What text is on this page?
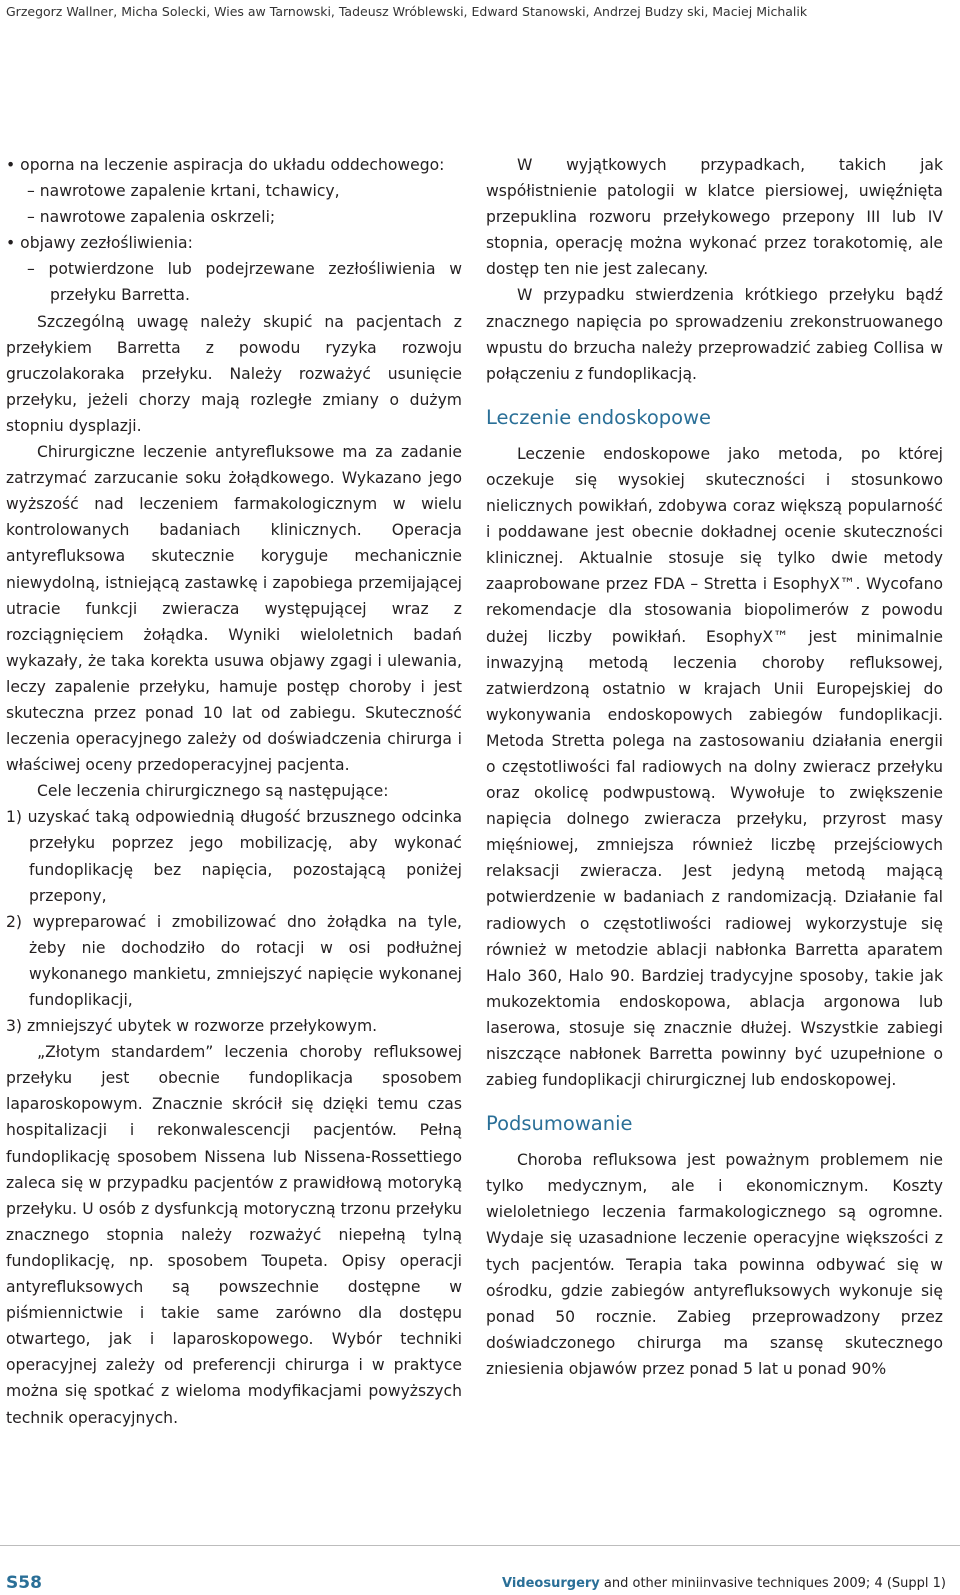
Grzegorz Wallner, Micha Solecki, Wies aw Tarnowski, Tadeusz Wróblewski, Edward Stanowski, Andrzej Budzy ski, Maciej Michalik

• oporna na leczenie aspiracja do układu oddechowego:

– nawrotowe zapalenie krtani, tchawicy,

– nawrotowe zapalenia oskrzeli;

• objawy zezłośliwienia:

– potwierdzone lub podejrzewane zezłośliwienia w przełyku Barretta.

Szczególną uwagę należy skupić na pacjentach z przełykiem Barretta z powodu ryzyka rozwoju gruczolakoraka przełyku. Należy rozważyć usunięcie przełyku, jeżeli chorzy mają rozległe zmiany o dużym stopniu dysplazji.

Chirurgiczne leczenie antyrefluksowe ma za zadanie zatrzymać zarzucanie soku żołądkowego. Wykazano jego wyższość nad leczeniem farmakologicznym w wielu kontrolowanych badaniach klinicznych. Operacja antyrefluksowa skutecznie koryguje mechanicznie niewydolną, istniejącą zastawkę i zapobiega przemijającej utracie funkcji zwieracza występującej wraz z rozciągnięciem żołądka. Wyniki wieloletnich badań wykazały, że taka korekta usuwa objawy zgagi i ulewania, leczy zapalenie przełyku, hamuje postęp choroby i jest skuteczna przez ponad 10 lat od zabiegu. Skuteczność leczenia operacyjnego zależy od doświadczenia chirurga i właściwej oceny przedoperacyjnej pacjenta.

Cele leczenia chirurgicznego są następujące:

1) uzyskać taką odpowiednią długość brzusznego odcinka przełyku poprzez jego mobilizację, aby wykonać fundoplikację bez napięcia, pozostającą poniżej przepony,

2) wypreparować i zmobilizować dno żołądka na tyle, żeby nie dochodziło do rotacji w osi podłużnej wykonanego mankietu, zmniejszyć napięcie wykonanej fundoplikacji,

3) zmniejszyć ubytek w rozworze przełykowym.

„Złotym standardem” leczenia choroby refluksowej przełyku jest obecnie fundoplikacja sposobem laparoskopowym. Znacznie skrócił się dzięki temu czas hospitalizacji i rekonwalescencji pacjentów. Pełną fundoplikację sposobem Nissena lub Nissena-Rossettiego zaleca się w przypadku pacjentów z prawidłową motoryką przełyku. U osób z dysfunkcją motoryczną trzonu przełyku znacznego stopnia należy rozważyć niepełną tylną fundoplikację, np. sposobem Toupeta. Opisy operacji antyrefluksowych są powszechnie dostępne w piśmiennictwie i takie same zarówno dla dostępu otwartego, jak i laparoskopowego. Wybór techniki operacyjnej zależy od preferencji chirurga i w praktyce można się spotkać z wieloma modyfikacjami powyższych technik operacyjnych.

W wyjątkowych przypadkach, takich jak współistnienie patologii w klatce piersiowej, uwięźnięta przepuklina rozworu przełykowego przepony III lub IV stopnia, operację można wykonać przez torakotomię, ale dostęp ten nie jest zalecany.

W przypadku stwierdzenia krótkiego przełyku bądź znacznego napięcia po sprowadzeniu zrekonstruowanego wpustu do brzucha należy przeprowadzić zabieg Collisa w połączeniu z fundoplikacją.

Leczenie endoskopowe

Leczenie endoskopowe jako metoda, po której oczekuje się wysokiej skuteczności i stosunkowo nielicznych powikłań, zdobywa coraz większą popularność i poddawane jest obecnie dokładnej ocenie skuteczności klinicznej. Aktualnie stosuje się tylko dwie metody zaaprobowane przez FDA – Stretta i EsophyX™. Wycofano rekomendacje dla stosowania biopolimerów z powodu dużej liczby powikłań. EsophyX™ jest minimalnie inwazyjną metodą leczenia choroby refluksowej, zatwierdzoną ostatnio w krajach Unii Europejskiej do wykonywania endoskopowych zabiegów fundoplikacji. Metoda Stretta polega na zastosowaniu działania energii o częstotliwości fal radiowych na dolny zwieracz przełyku oraz okolicę podwpustową. Wywołuje to zwiększenie napięcia dolnego zwieracza przełyku, przyrost masy mięśniowej, zmniejsza również liczbę przejściowych relaksacji zwieracza. Jest jedyną metodą mającą potwierdzenie w badaniach z randomizacją. Działanie fal radiowych o częstotliwości radiowej wykorzystuje się również w metodzie ablacji nabłonka Barretta aparatem Halo 360, Halo 90. Bardziej tradycyjne sposoby, takie jak mukozektomia endoskopowa, ablacja argonowa lub laserowa, stosuje się znacznie dłużej. Wszystkie zabiegi niszczące nabłonek Barretta powinny być uzupełnione o zabieg fundoplikacji chirurgicznej lub endoskopowej.

Podsumowanie

Choroba refluksowa jest poważnym problemem nie tylko medycznym, ale i ekonomicznym. Koszty wieloletniego leczenia farmakologicznego są ogromne. Wydaje się uzasadnione leczenie operacyjne większości z tych pacjentów. Terapia taka powinna odbywać się w ośrodku, gdzie zabiegów antyrefluksowych wykonuje się ponad 50 rocznie. Zabieg przeprowadzony przez doświadczonego chirurga ma szansę skutecznego zniesienia objawów przez ponad 5 lat u ponad 90%

S58	Videosurgery and other miniinvasive techniques 2009; 4 (Suppl 1)
